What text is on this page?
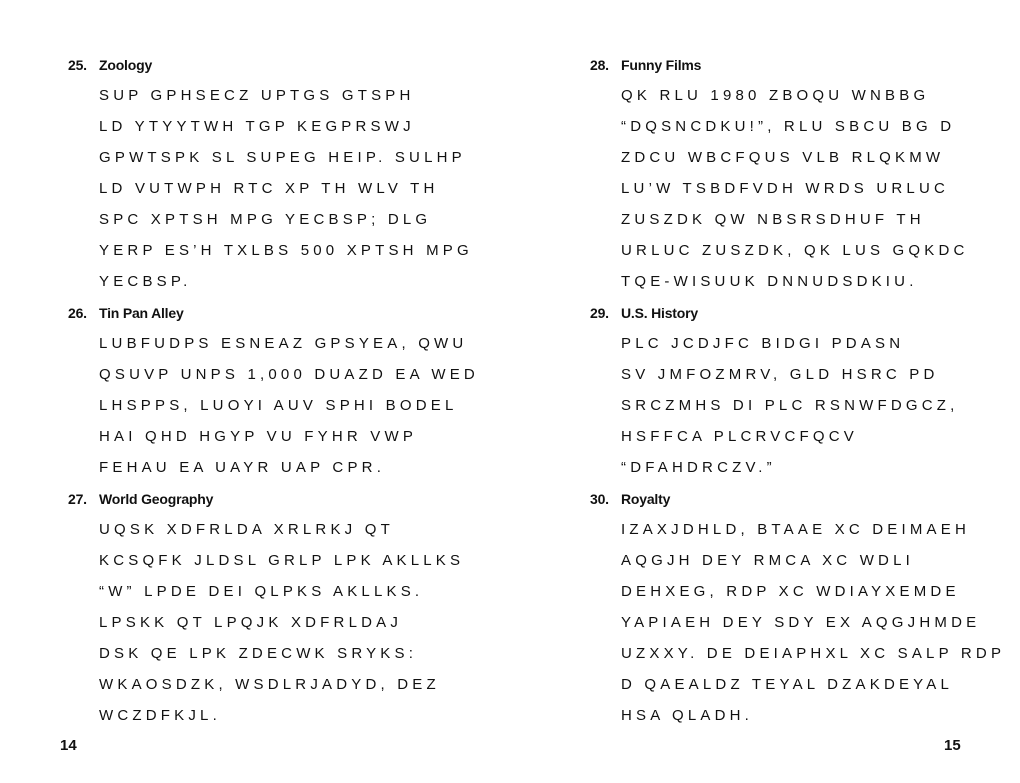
25. Zoology
SUP GPHSECZ UPTGS GTSPH
LD YTYYTWH TGP KEGPRSWJ
GPWTSPK SL SUPEG HEIP. SULHP
LD VUTWPH RTC XP TH WLV TH
SPC XPTSH MPG YECBSP; DLG
YERP ES’H TXLBS 500 XPTSH MPG
YECBSP.
26. Tin Pan Alley
LUBFUDPS ESNEAZ GPSYEA, QWU
QSUVP UNPS 1,000 DUAZD EA WED
LHSPPS, LUOYI AUV SPHI BODEL
HAI QHD HGYP VU FYHR VWP
FEHAU EA UAYR UAP CPR.
27. World Geography
UQSK XDFRLDA XRLRKJ QT
KCSQFK JLDSL GRLP LPK AKLLKS
“W” LPDE DEI QLPKS AKLLKS.
LPSKK QT LPQJK XDFRLDAJ
DSK QE LPK ZDECWK SRYKS:
WKAOSDZK, WSDLRJADYD, DEZ
WCZDFKJL.
28. Funny Films
QK RLU 1980 ZBOQU WNBBG
“DQSNCDKU!”, RLU SBCU BG D
ZDCU WBCFQUS VLB RLQKMW
LU’W TSBDFVDH WRDS URLUC
ZUSZDK QW NBSRSDHUF TH
URLUC ZUSZDK, QK LUS GQKDC
TQE-WISUUK DNNUDSDKIU.
29. U.S. History
PLC JCDJFC BIDGI PDASN
SV JMFOZMRV, GLD HSRC PD
SRCZMHS DI PLC RSNWFDGCZ,
HSFFCA PLCRVCFQCV
“DFAHDRCZV.”
30. Royalty
IZAXJDHLD, BTAAE XC DEIMAEH
AQGJH DEY RMCA XC WDLI
DEHXEG, RDP XC WDIAYXEMDE
YAPIAEH DEY SDY EX AQGJHMDE
UZXXY. DE DEIAPHXL XC SALP RDP
D QAEALDZ TEYAL DZAKDEYAL
HSA QLADH.
14	15
